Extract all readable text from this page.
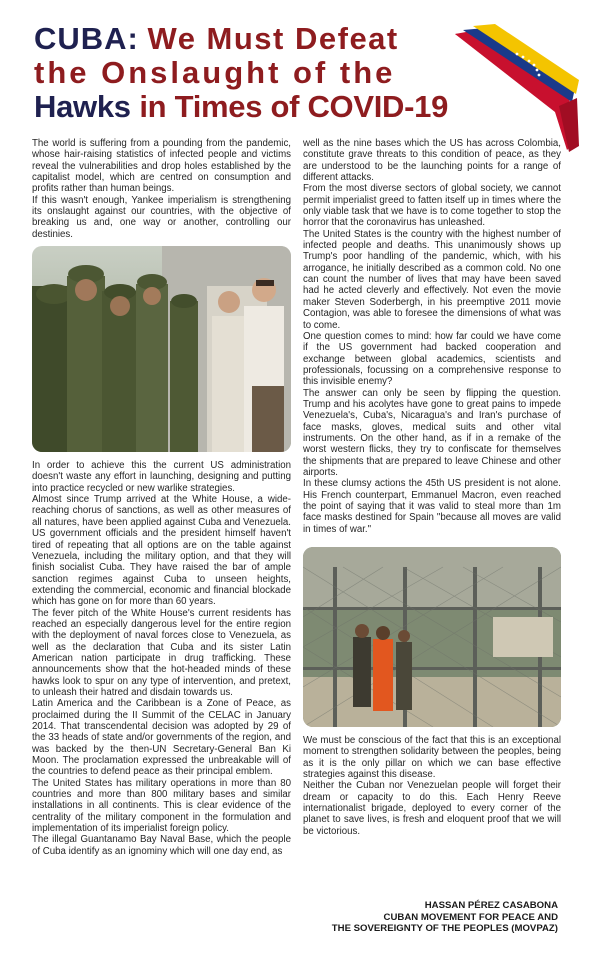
CUBA: We Must Defeat
the Onslaught of the
Hawks in Times of COVID-19

The world is suffering from a pounding from the pandemic, whose hair-raising statistics of infected people and victims reveal the vulnerabilities and drop holes established by the capitalist model, which are centred on consumption and profits rather than human beings.

If this wasn't enough, Yankee imperialism is strengthening its onslaught against our countries, with the objective of breaking us and, one way or another, controlling our destinies.

In order to achieve this the current US administration doesn't waste any effort in launching, designing and putting into practice recycled or new warlike strategies.

Almost since Trump arrived at the White House, a wide-reaching chorus of sanctions, as well as other measures of all natures, have been applied against Cuba and Venezuela. US government officials and the president himself haven't tired of repeating that all options are on the table against Venezuela, including the military option, and that they will finish socialist Cuba. They have raised the bar of ample sanction regimes against Cuba to unseen heights, extending the commercial, economic and financial blockade which has gone on for more than 60 years.

The fever pitch of the White House's current residents has reached an especially dangerous level for the entire region with the deployment of naval forces close to Venezuela, as well as the declaration that Cuba and its sister Latin American nation participate in drug trafficking. These announcements show that the hot-headed minds of these hawks look to spur on any type of intervention, and pretext, to unleash their hatred and disdain towards us.

Latin America and the Caribbean is a Zone of Peace, as proclaimed during the II Summit of the CELAC in January 2014. That transcendental decision was adopted by 29 of the 33 heads of state and/or governments of the region, and was backed by the then-UN Secretary-General Ban Ki Moon. The proclamation expressed the unbreakable will of the countries to defend peace as their principal emblem.

The United States has military operations in more than 80 countries and more than 800 military bases and similar installations in all continents. This is clear evidence of the centrality of the military component in the formulation and implementation of its imperialist foreign policy.

The illegal Guantanamo Bay Naval Base, which the people of Cuba identify as an ignominy which will one day end, as

well as the nine bases which the US has across Colombia, constitute grave threats to this condition of peace, as they are understood to be the launching points for a range of different attacks.

From the most diverse sectors of global society, we cannot permit imperialist greed to fatten itself up in times where the only viable task that we have is to come together to stop the horror that the coronavirus has unleashed.

The United States is the country with the highest number of infected people and deaths. This unanimously shows up Trump's poor handling of the pandemic, which, with his arrogance, he initially described as a common cold. No one can count the number of lives that may have been saved had he acted cleverly and effectively. Not even the movie maker Steven Soderbergh, in his preemptive 2011 movie Contagion, was able to foresee the dimensions of what was to come.

One question comes to mind: how far could we have come if the US government had backed cooperation and exchange between global academics, scientists and professionals, focussing on a comprehensive response to this invisible enemy?

The answer can only be seen by flipping the question. Trump and his acolytes have gone to great pains to impede Venezuela's, Cuba's, Nicaragua's and Iran's purchase of face masks, gloves, medical suits and other vital instruments. On the other hand, as if in a remake of the worst western flicks, they try to confiscate for themselves the shipments that are prepared to leave Chinese and other airports.

In these clumsy actions the 45th US president is not alone. His French counterpart, Emmanuel Macron, even reached the point of saying that it was valid to steal more than 1m face masks destined for Spain "because all moves are valid in times of war."

We must be conscious of the fact that this is an exceptional moment to strengthen solidarity between the peoples, being as it is the only pillar on which we can base effective strategies against this disease.

Neither the Cuban nor Venezuelan people will forget their dream or capacity to do this. Each Henry Reeve internationalist brigade, deployed to every corner of the planet to save lives, is fresh and eloquent proof that we will be victorious.

HASSAN PÉREZ CASABONA
CUBAN MOVEMENT FOR PEACE AND
THE SOVEREIGNTY OF THE PEOPLES (MOVPAZ)
